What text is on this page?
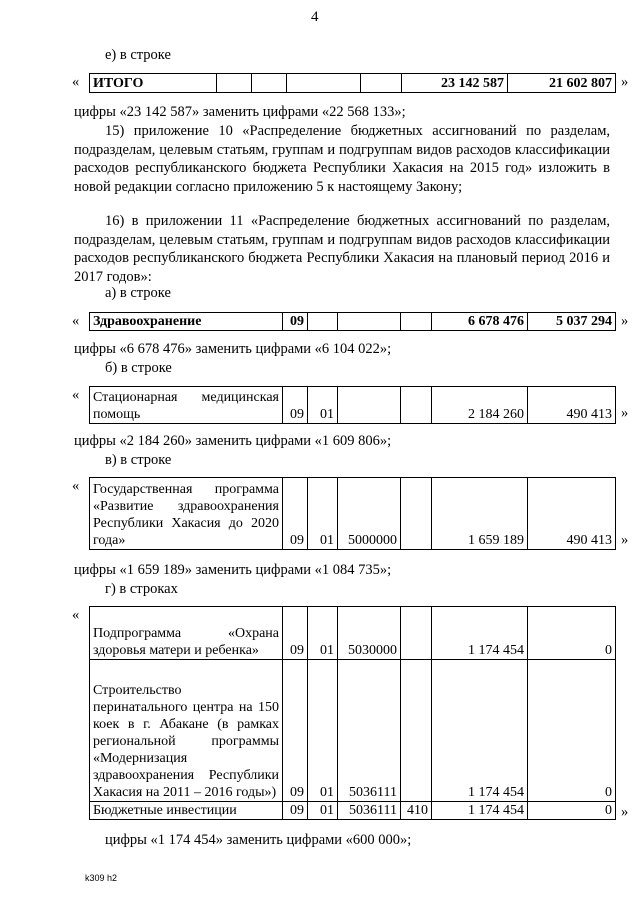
4
е) в строке
« ИТОГО					23 142 587	21 602 807 »
цифры «23 142 587» заменить цифрами «22 568 133»;
15) приложение 10 «Распределение бюджетных ассигнований по разделам, подразделам, целевым статьям, группам и подгруппам видов расходов классификации расходов республиканского бюджета Республики Хакасия на 2015 год» изложить в новой редакции согласно приложению 5 к настоящему Закону;
16) в приложении 11 «Распределение бюджетных ассигнований по разделам, подразделам, целевым статьям, группам и подгруппам видов расходов классификации расходов республиканского бюджета Республики Хакасия на плановый период 2016 и 2017 годов»:
а) в строке
« Здравоохранение	09				6 678 476	5 037 294 »
цифры «6 678 476» заменить цифрами «6 104 022»;
б) в строке
« Стационарная медицинская помощь	09	01			2 184 260	490 413 »
цифры «2 184 260» заменить цифрами «1 609 806»;
в) в строке
« Государственная программа «Развитие здравоохранения Республики Хакасия до 2020 года»	09	01	5000000		1 659 189	490 413 »
цифры «1 659 189» заменить цифрами «1 084 735»;
г) в строках
«
Подпрограмма «Охрана здоровья матери и ребенка»	09	01	5030000		1 174 454	0
Строительство перинатального центра на 150 коек в г. Абакане (в рамках региональной программы «Модернизация здравоохранения Республики Хакасия на 2011 – 2016 годы»)	09	01	5036111		1 174 454	0
Бюджетные инвестиции	09	01	5036111	410	1 174 454	0 »
цифры «1 174 454» заменить цифрами «600 000»;
k309 h2
